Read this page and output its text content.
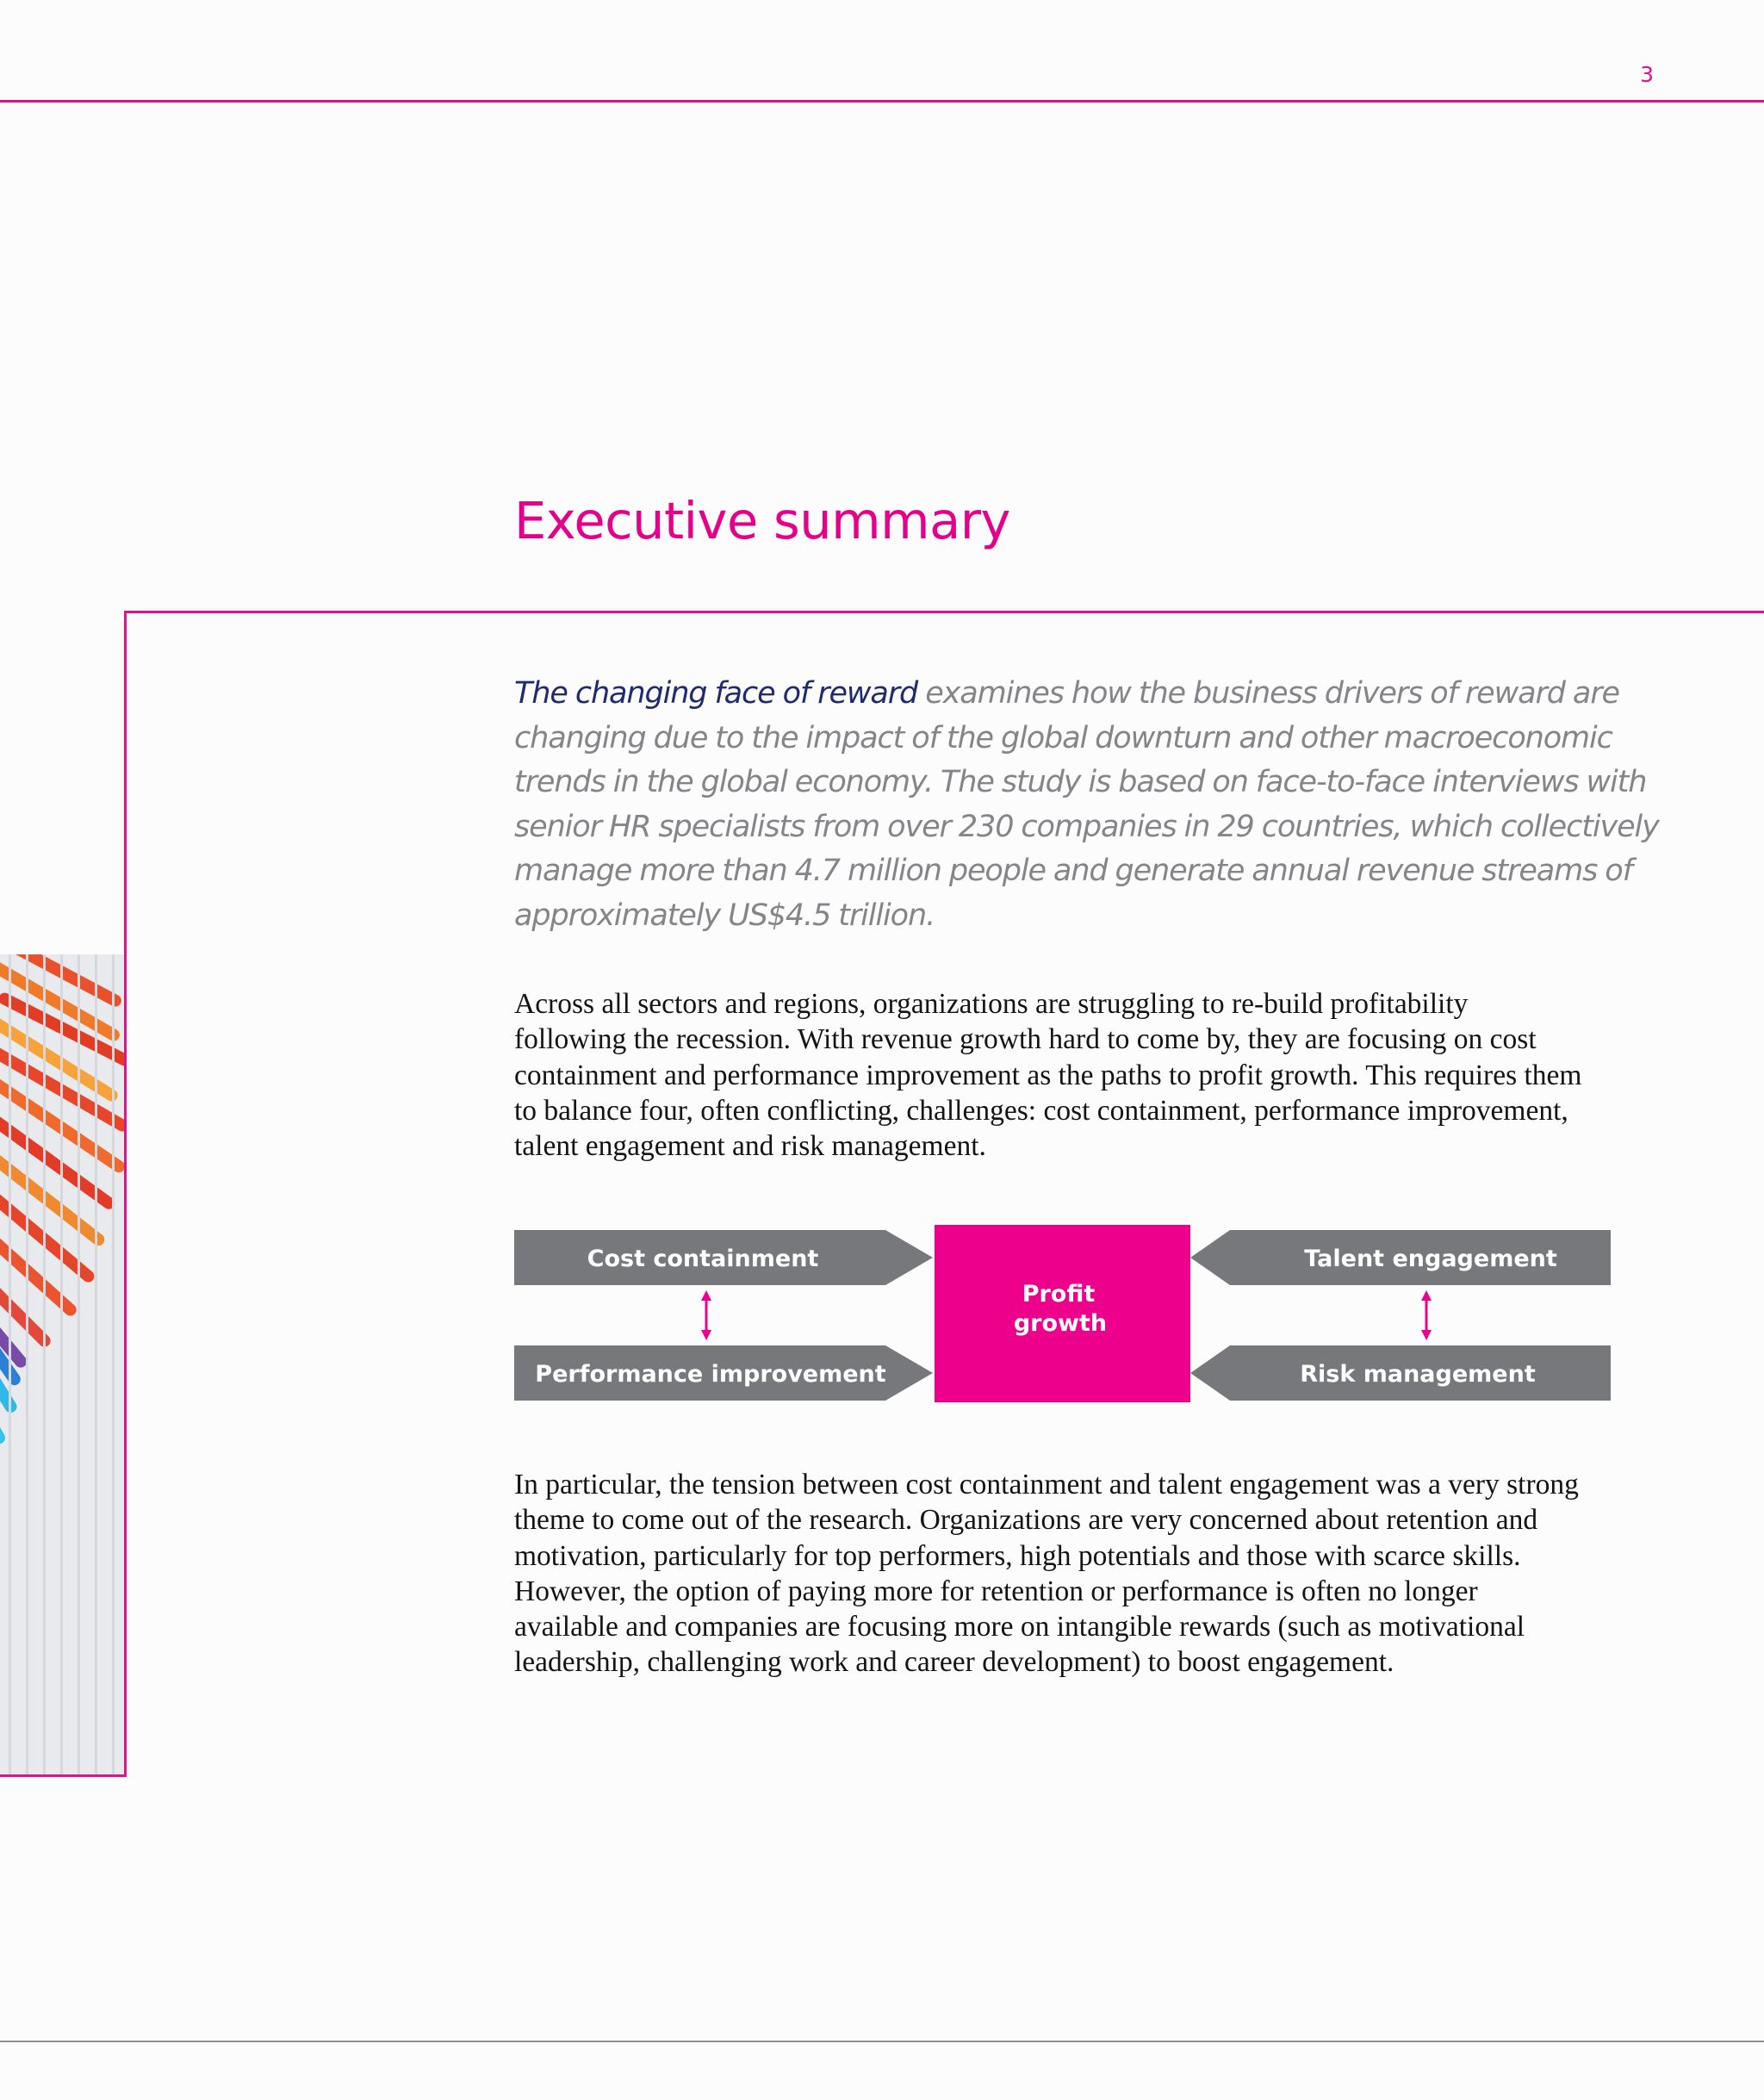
3
Executive summary
The changing face of reward examines how the business drivers of reward are changing due to the impact of the global downturn and other macroeconomic trends in the global economy. The study is based on face-to-face interviews with senior HR specialists from over 230 companies in 29 countries, which collectively manage more than 4.7 million people and generate annual revenue streams of approximately US$4.5 trillion.
Across all sectors and regions, organizations are struggling to re-build profitability following the recession. With revenue growth hard to come by, they are focusing on cost containment and performance improvement as the paths to profit growth. This requires them to balance four, often conflicting, challenges: cost containment, performance improvement, talent engagement and risk management.
Cost containment
Performance improvement
Talent engagement
Risk management
Profit
growth
In particular, the tension between cost containment and talent engagement was a very strong theme to come out of the research. Organizations are very concerned about retention and motivation, particularly for top performers, high potentials and those with scarce skills. However, the option of paying more for retention or performance is often no longer available and companies are focusing more on intangible rewards (such as motivational leadership, challenging work and career development) to boost engagement.
